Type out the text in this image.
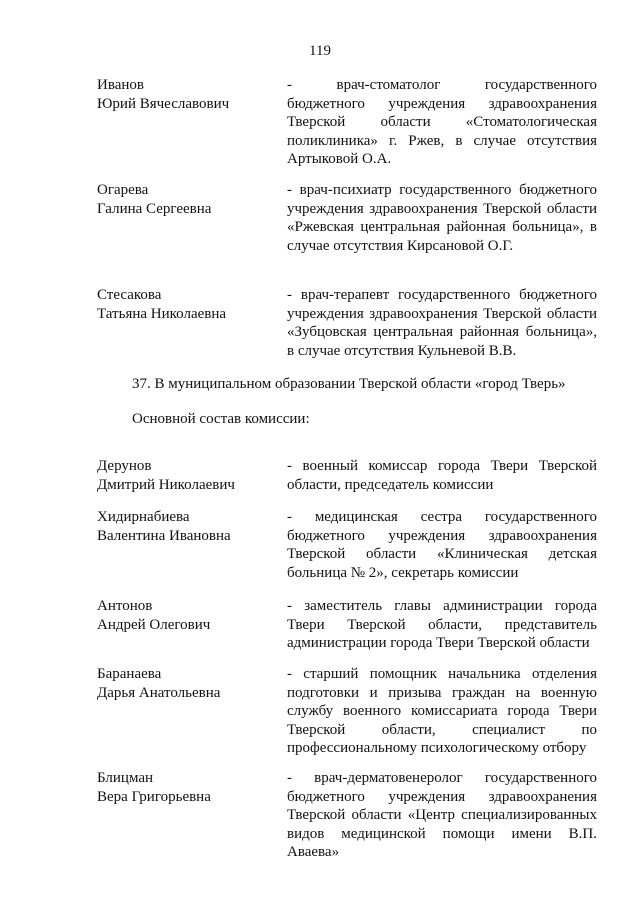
119
Иванов
Юрий Вячеславович
- врач-стоматолог государственного бюджетного учреждения здравоохранения Тверской области «Стоматологическая поликлиника» г. Ржев, в случае отсутствия Артыковой О.А.
Огарева
Галина Сергеевна
- врач-психиатр государственного бюджетного учреждения здравоохранения Тверской области «Ржевская центральная районная больница», в случае отсутствия Кирсановой О.Г.
Стесакова
Татьяна Николаевна
- врач-терапевт государственного бюджетного учреждения здравоохранения Тверской области «Зубцовская центральная районная больница», в случае отсутствия Кульневой В.В.
37. В муниципальном образовании Тверской области «город Тверь»
Основной состав комиссии:
Дерунов
Дмитрий Николаевич
- военный комиссар города Твери Тверской области, председатель комиссии
Хидирнабиева
Валентина Ивановна
- медицинская сестра государственного бюджетного учреждения здравоохранения Тверской области «Клиническая детская больница № 2», секретарь комиссии
Антонов
Андрей Олегович
- заместитель главы администрации города Твери Тверской области, представитель администрации города Твери Тверской области
Баранаева
Дарья Анатольевна
- старший помощник начальника отделения подготовки и призыва граждан на военную службу военного комиссариата города Твери Тверской области, специалист по профессиональному психологическому отбору
Блицман
Вера Григорьевна
- врач-дерматовенеролог государственного бюджетного учреждения здравоохранения Тверской области «Центр специализированных видов медицинской помощи имени В.П. Аваева»
